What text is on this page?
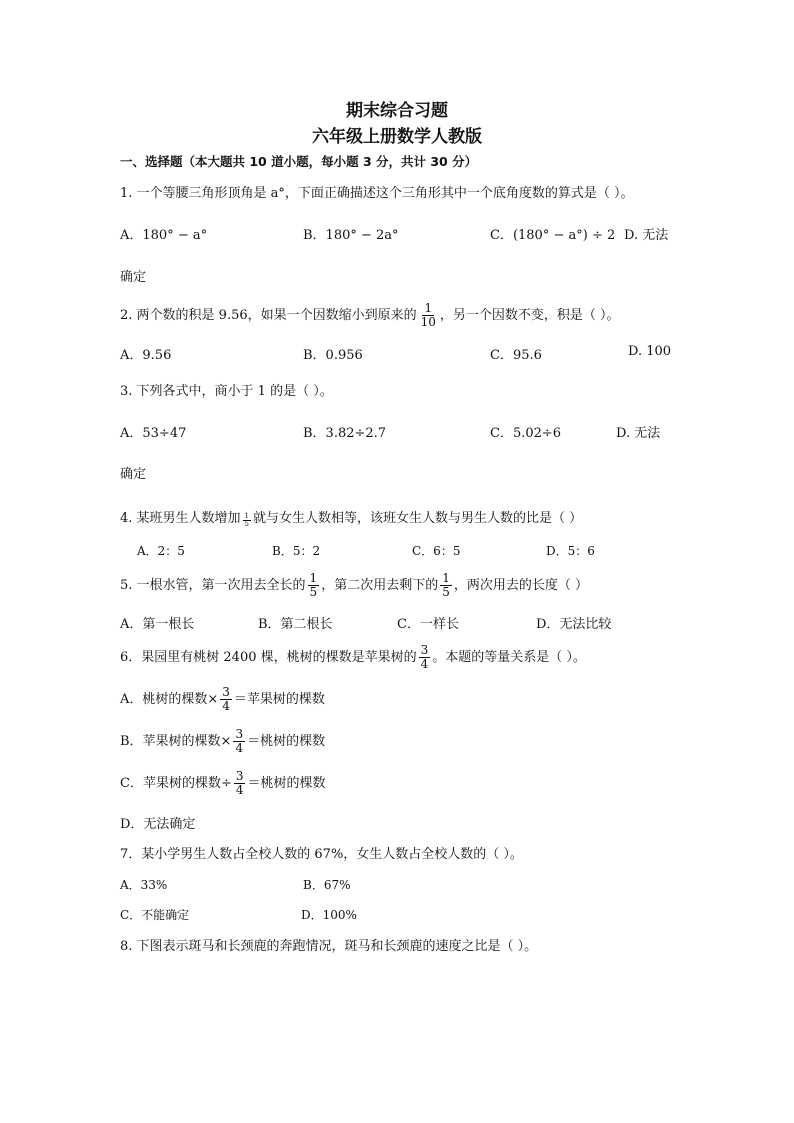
期末综合习题
六年级上册数学人教版
一、选择题（本大题共 10 道小题，每小题 3 分，共计 30 分）
1. 一个等腰三角形顶角是 a°，下面正确描述这个三角形其中一个底角度数的算式是（ ）。
A．180° − a°	B．180° − 2a°	C．(180° − a°) ÷ 2 D. 无法
确定
2. 两个数的积是 9.56，如果一个因数缩小到原来的 $\frac{1}{10}$ ，另一个因数不变，积是（ ）。
A．9.56	B．0.956	C．95.6	D. 100
3. 下列各式中，商小于 1 的是（ ）。
A．53÷47	B．3.82÷2.7	C．5.02÷6	D. 无法
确定
4. 某班男生人数增加 $\frac{1}{5}$ 就与女生人数相等，该班女生人数与男生人数的比是（ ）
A．2：5	B．5：2	C．6：5	D．5：6
5. 一根水管，第一次用去全长的 $\frac{1}{5}$ ，第二次用去剩下的 $\frac{1}{5}$ ，两次用去的长度（ ）
A．第一根长	B．第二根长	C．一样长	D．无法比较
6．果园里有桃树 2400 棵，桃树的棵数是苹果树的 $\frac{3}{4}$ 。本题的等量关系是（ ）。
A．桃树的棵数× $\frac{3}{4}$ ＝苹果树的棵数
B．苹果树的棵数× $\frac{3}{4}$ ＝桃树的棵数
C．苹果树的棵数÷ $\frac{3}{4}$ ＝桃树的棵数
D．无法确定
7．某小学男生人数占全校人数的 67%，女生人数占全校人数的（ ）。
A．33%	B．67%
C．不能确定	D．100%
8. 下图表示斑马和长颈鹿的奔跑情况，斑马和长颈鹿的速度之比是（ ）。
